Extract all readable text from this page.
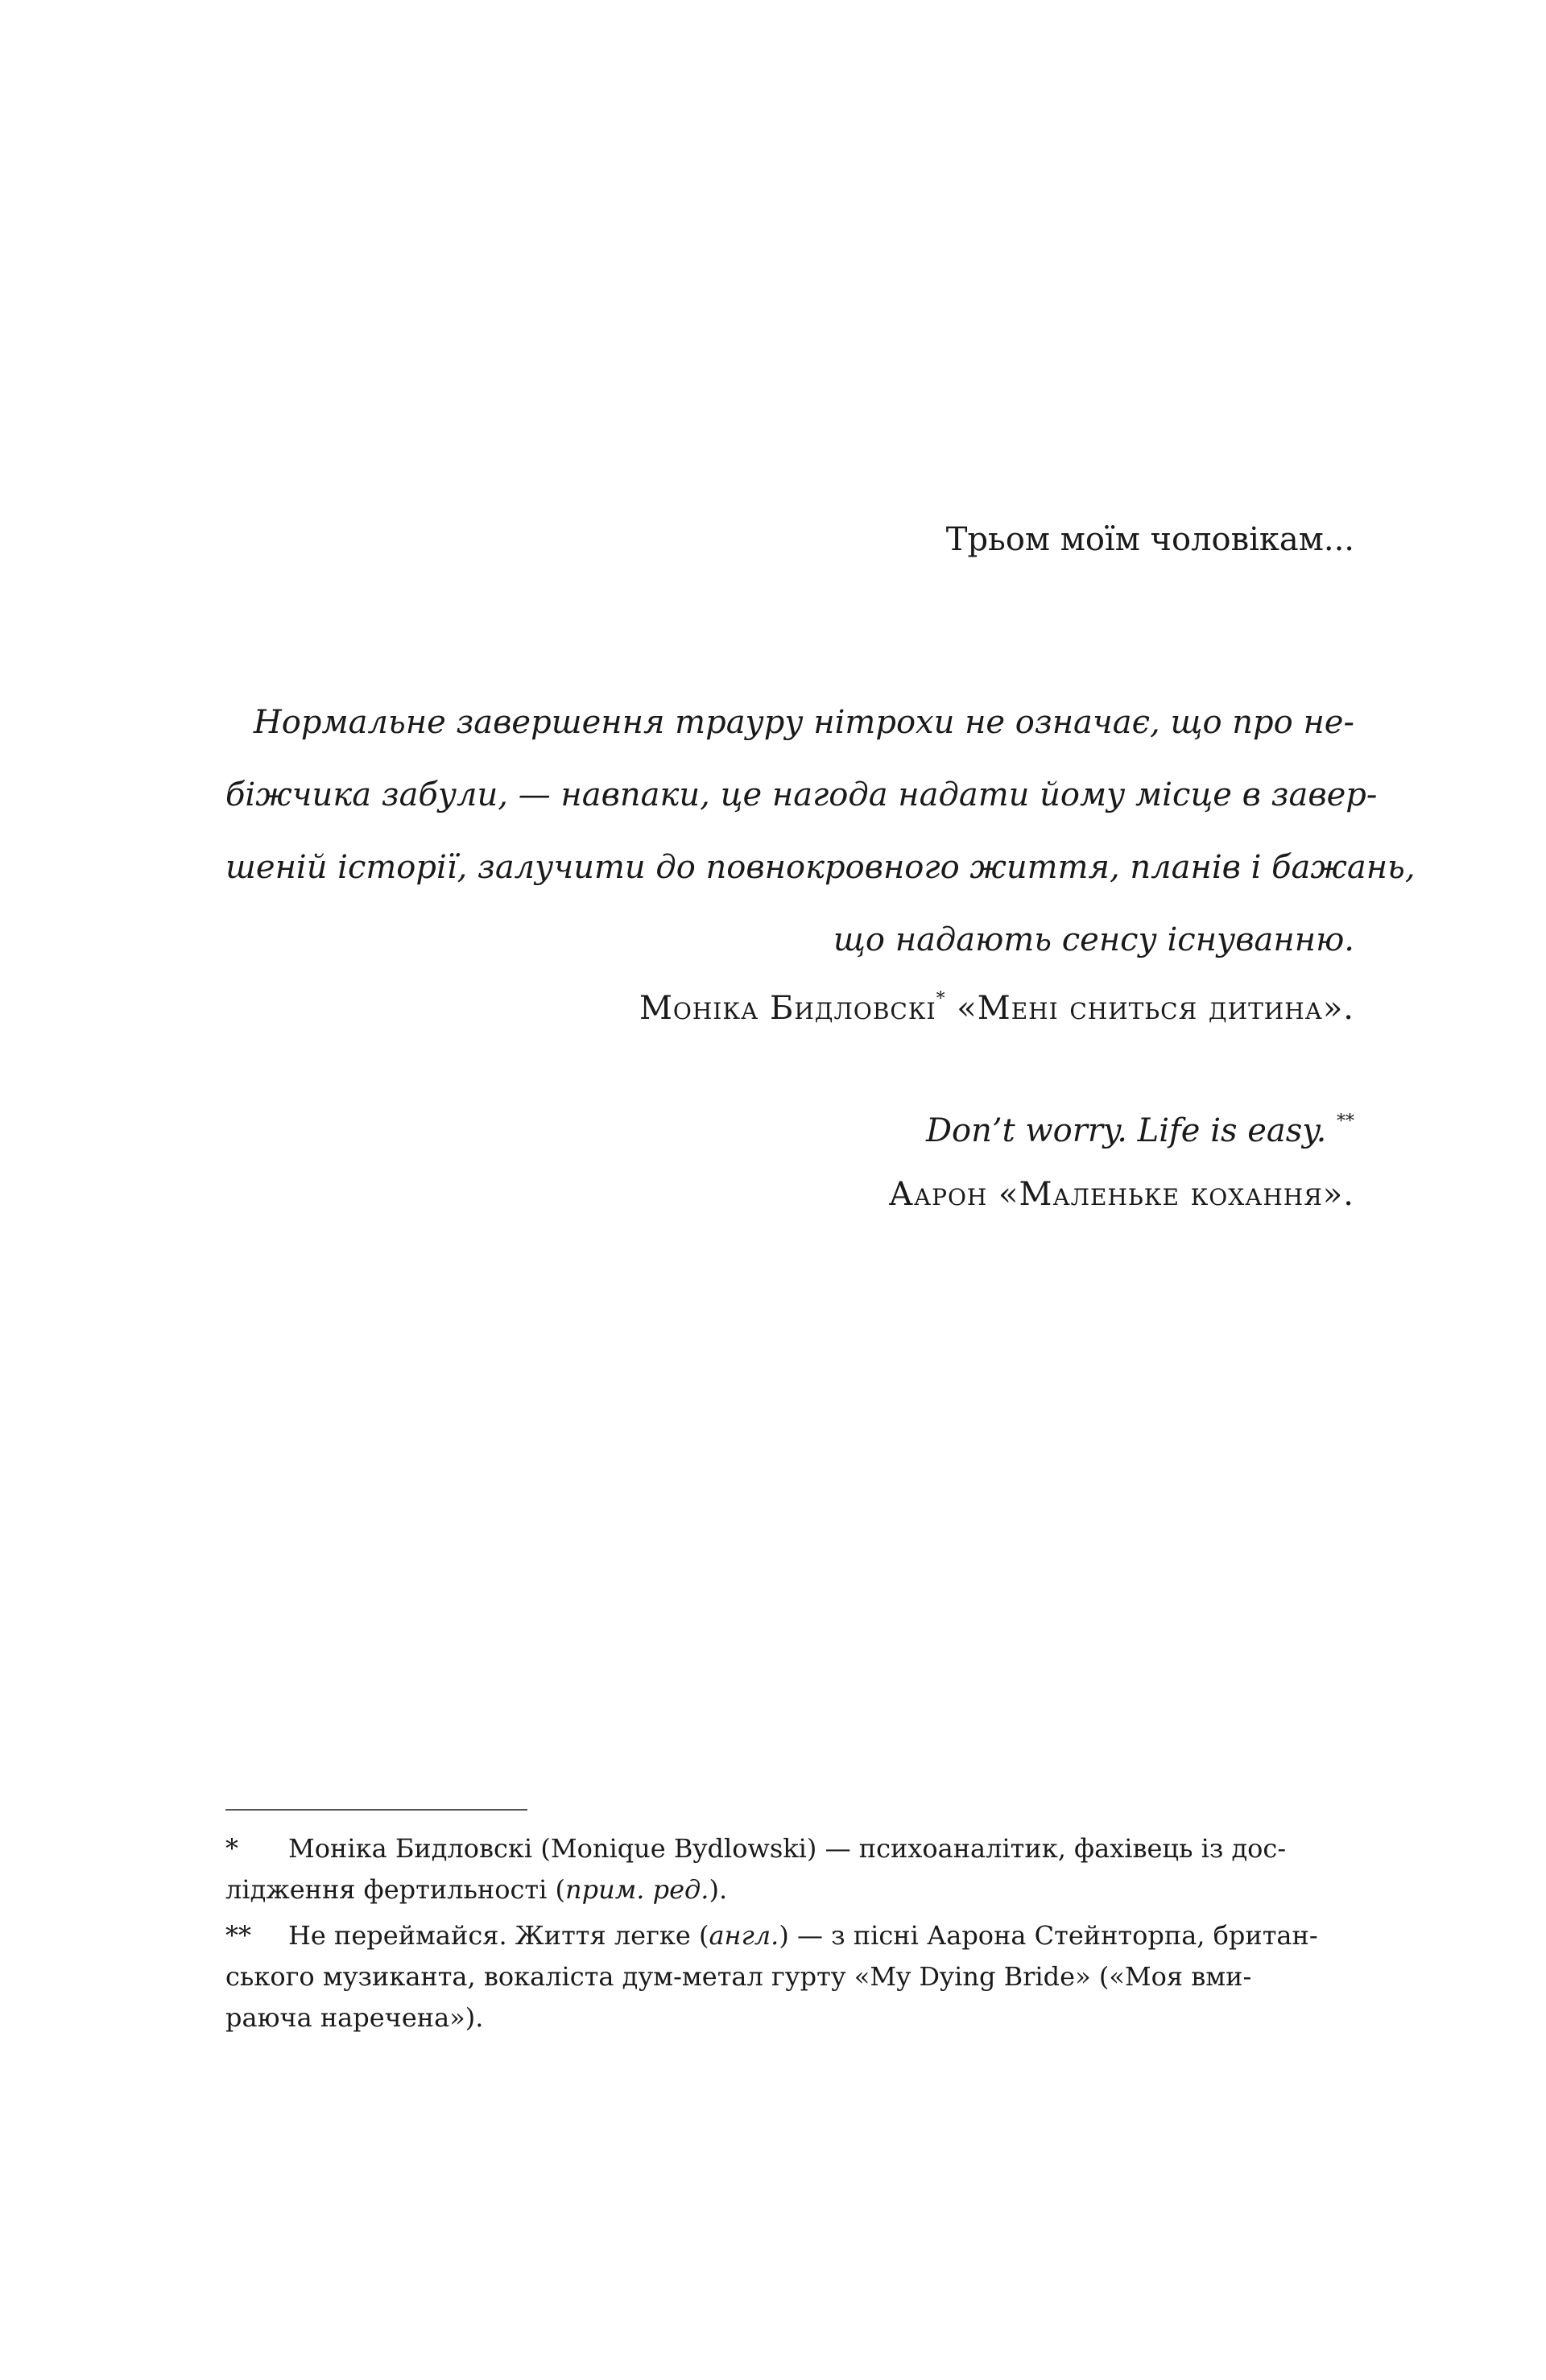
Трьом моїм чоловікам...
Нормальне завершення трауру нітрохи не означає, що про не-
біжчика забули, — навпаки, це нагода надати йому місце в завер-
шеній історії, залучити до повнокровного життя, планів і бажань,
що надають сенсу існуванню.
Моніка Бидловскі* «Мені сниться дитина».
Don’t worry. Life is easy. **
Аарон «Маленьке кохання».
* Моніка Бидловскі (Monique Bydlowski) — психоаналітик, фахівець із дос-
лідження фертильності (прим. ред.).
** Не переймайся. Життя легке (англ.) — з пісні Аарона Стейнторпа, британ-
ського музиканта, вокаліста дум-метал гурту «My Dying Bride» («Моя вми-
раюча наречена»).
